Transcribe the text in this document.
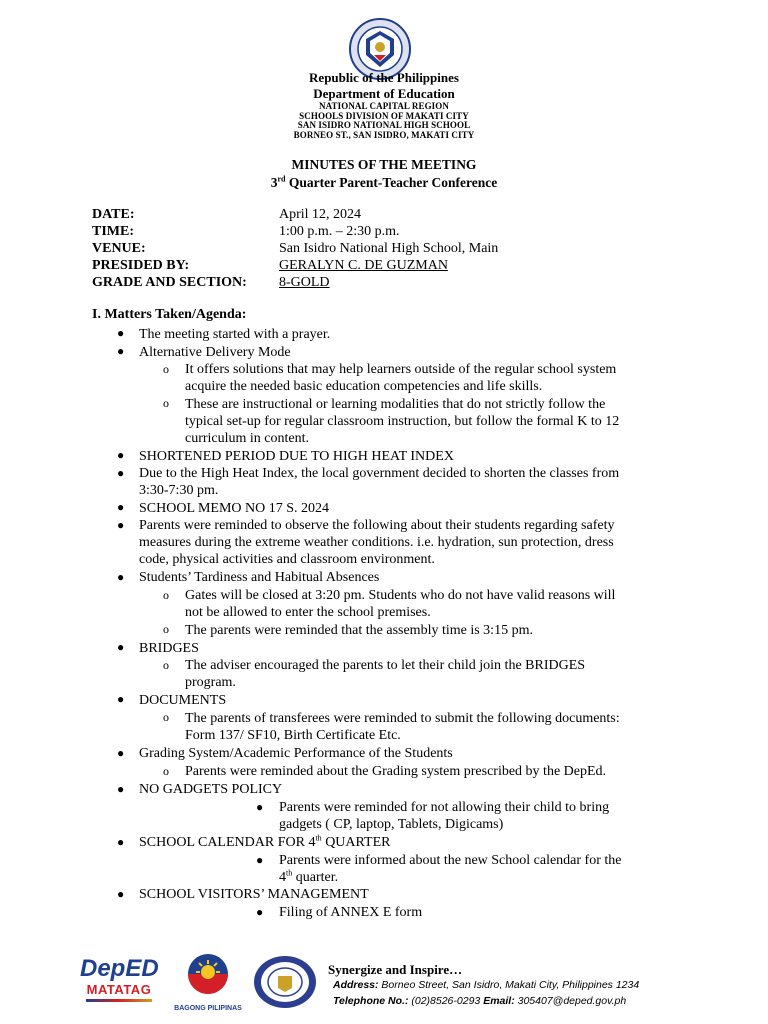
Republic of the Philippines
Department of Education
NATIONAL CAPITAL REGION
SCHOOLS DIVISION OF MAKATI CITY
SAN ISIDRO NATIONAL HIGH SCHOOL
BORNEO ST., SAN ISIDRO, MAKATI CITY
MINUTES OF THE MEETING
3rd Quarter Parent-Teacher Conference
DATE:	April 12, 2024
TIME:	1:00 p.m. – 2:30 p.m.
VENUE:	San Isidro National High School, Main
PRESIDED BY:	GERALYN C. DE GUZMAN
GRADE AND SECTION: 8-GOLD
I. Matters Taken/Agenda:
●
●
o
o
●
●
●
●
●
o
o
●
o
●
o
●
o
●
●
●
●
●
●
The meeting started with a prayer.
Alternative Delivery Mode
It offers solutions that may help learners outside of the regular school system
acquire the needed basic education competencies and life skills.
These are instructional or learning modalities that do not strictly follow the
typical set-up for regular classroom instruction, but follow the formal K to 12
curriculum in content.
SHORTENED PERIOD DUE TO HIGH HEAT INDEX
Due to the High Heat Index, the local government decided to shorten the classes from
3:30-7:30 pm.
SCHOOL MEMO NO 17 S. 2024
Parents were reminded to observe the following about their students regarding safety
measures during the extreme weather conditions. i.e. hydration, sun protection, dress
code, physical activities and classroom environment.
Students’ Tardiness and Habitual Absences
Gates will be closed at 3:20 pm. Students who do not have valid reasons will
not be allowed to enter the school premises.
The parents were reminded that the assembly time is 3:15 pm.
BRIDGES
The adviser encouraged the parents to let their child join the BRIDGES
program.
DOCUMENTS
The parents of transferees were reminded to submit the following documents:
Form 137/ SF10, Birth Certificate Etc.
Grading System/Academic Performance of the Students
Parents were reminded about the Grading system prescribed by the DepEd.
NO GADGETS POLICY
Parents were reminded for not allowing their child to bring
gadgets ( CP, laptop, Tablets, Digicams)
SCHOOL CALENDAR FOR 4th QUARTER
Parents were informed about the new School calendar for the
4th quarter.
SCHOOL VISITORS’ MANAGEMENT
Filing of ANNEX E form
DepED
MATATAG
BAGONG PILIPINAS
Synergize and Inspire…
Address: Borneo Street, San Isidro, Makati City, Philippines 1234
Telephone No.: (02)8526-0293 Email: 305407@deped.gov.ph
